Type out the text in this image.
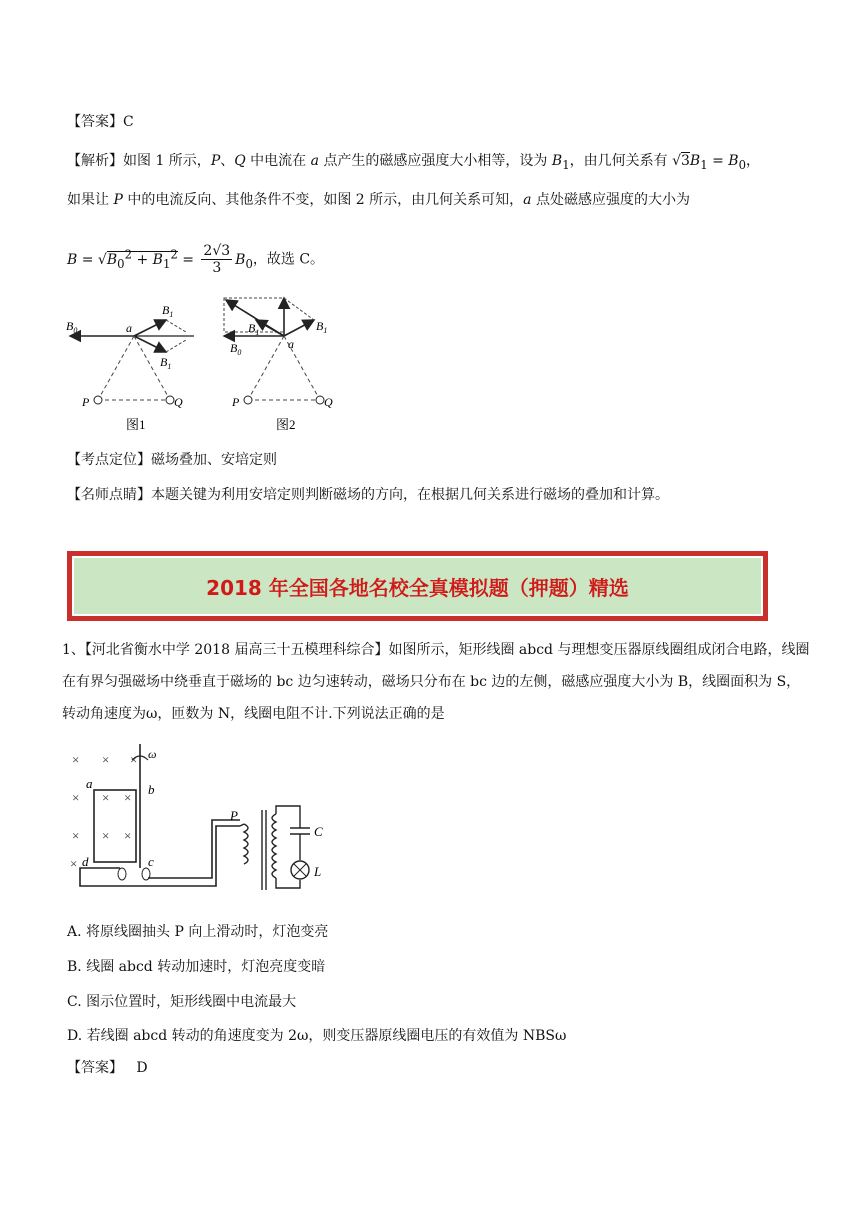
【答案】C
【解析】如图 1 所示，P、Q 中电流在 a 点产生的磁感应强度大小相等，设为 $B_1$，由几何关系有 $√3B_1 = B_0$，
如果让 P 中的电流反向、其他条件不变，如图 2 所示，由几何关系可知，a 点处磁感应强度的大小为
$B = √B_0^2 + B_1^2 = \frac{2√3}{3} B_0$，故选 C。
$B_0$	a
$B_1$
$B_1$
P	Q
图1
$B_0$
$B_1$	$B_1$
a
P	Q
图2
【考点定位】磁场叠加、安培定则
【名师点睛】本题关键为利用安培定则判断磁场的方向，在根据几何关系进行磁场的叠加和计算。
2018 年全国各地名校全真模拟题（押题）精选
1、【河北省衡水中学 2018 届高三十五模理科综合】如图所示，矩形线圈 abcd 与理想变压器原线圈组成闭合电路，线圈在有界匀强磁场中绕垂直于磁场的 bc 边匀速转动，磁场只分布在 bc 边的左侧，磁感应强度大小为 B，线圈面积为 S，转动角速度为ω，匝数为 N，线圈电阻不计.下列说法正确的是
× × ×
× × ×
× × ×
×
ω
a	b
c
d
P
C
L
A. 将原线圈抽头 P 向上滑动时，灯泡变亮
B. 线圈 abcd 转动加速时，灯泡亮度变暗
C. 图示位置时，矩形线圈中电流最大
D. 若线圈 abcd 转动的角速度变为 2ω，则变压器原线圈电压的有效值为 NBSω
【答案】 D
